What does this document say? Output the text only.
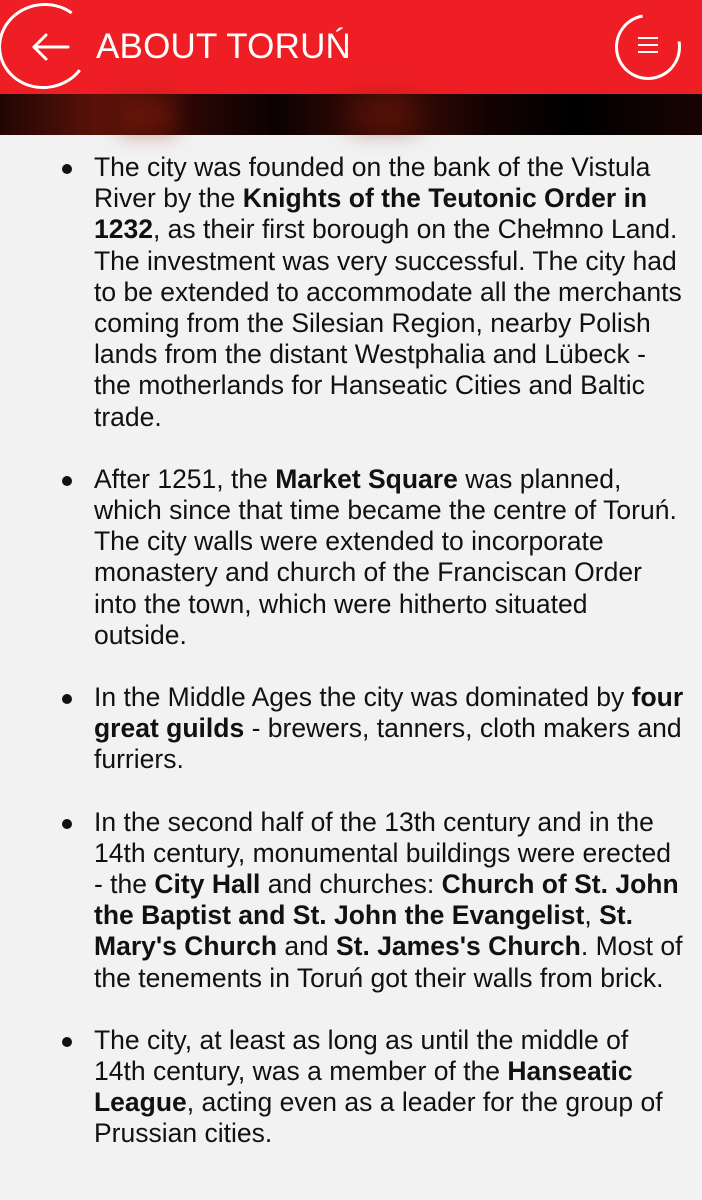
ABOUT TORUŃ
The city was founded on the bank of the Vistula River by the Knights of the Teutonic Order in 1232, as their first borough on the Chełmno Land. The investment was very successful. The city had to be extended to accommodate all the merchants coming from the Silesian Region, nearby Polish lands from the distant Westphalia and Lübeck - the motherlands for Hanseatic Cities and Baltic trade.
After 1251, the Market Square was planned, which since that time became the centre of Toruń. The city walls were extended to incorporate monastery and church of the Franciscan Order into the town, which were hitherto situated outside.
In the Middle Ages the city was dominated by four great guilds - brewers, tanners, cloth makers and furriers.
In the second half of the 13th century and in the 14th century, monumental buildings were erected - the City Hall and churches: Church of St. John the Baptist and St. John the Evangelist, St. Mary's Church and St. James's Church. Most of the tenements in Toruń got their walls from brick.
The city, at least as long as until the middle of 14th century, was a member of the Hanseatic League, acting even as a leader for the group of Prussian cities.
